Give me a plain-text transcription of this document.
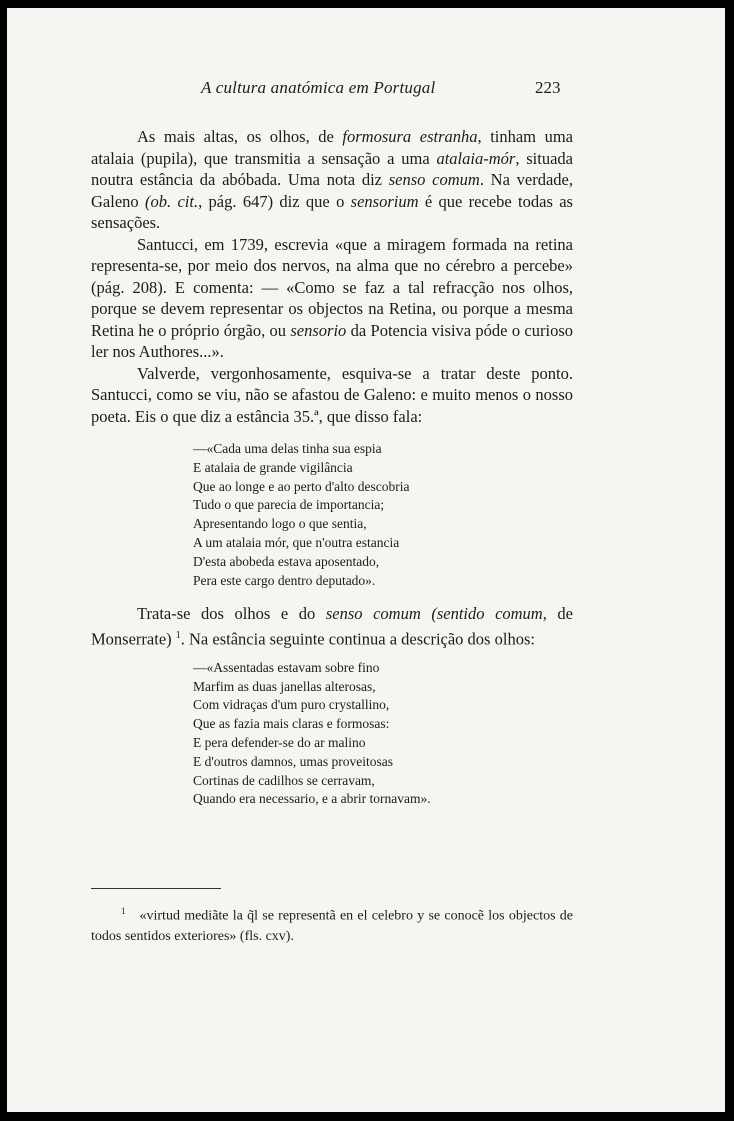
A cultura anatómica em Portugal	223

As mais altas, os olhos, de formosura estranha, tinham uma atalaia (pupila), que transmitia a sensação a uma atalaia-mór, situada noutra estância da abóbada. Uma nota diz senso comum. Na verdade, Galeno (ob. cit., pág. 647) diz que o sensorium é que recebe todas as sensações.

Santucci, em 1739, escrevia «que a miragem formada na retina representa-se, por meio dos nervos, na alma que no cérebro a percebe» (pág. 208). E comenta: — «Como se faz a tal refracção nos olhos, porque se devem representar os objectos na Retina, ou porque a mesma Retina he o próprio órgão, ou sensorio da Potencia visiva póde o curioso ler nos Authores...».

Valverde, vergonhosamente, esquiva-se a tratar deste ponto. Santucci, como se viu, não se afastou de Galeno: e muito menos o nosso poeta. Eis o que diz a estância 35.ª, que disso fala:

—«Cada uma delas tinha sua espia
E atalaia de grande vigilância
Que ao longe e ao perto d'alto descobria
Tudo o que parecia de importancia;
Apresentando logo o que sentia,
A um atalaia mór, que n'outra estancia
D'esta abobeda estava aposentado,
Pera este cargo dentro deputado».

Trata-se dos olhos e do senso comum (sentido comum, de Monserrate) $^1$. Na estância seguinte continua a descrição dos olhos:

—«Assentadas estavam sobre fino
Marfim as duas janellas alterosas,
Com vidraças d'um puro crystallino,
Que as fazia mais claras e formosas:
E pera defender-se do ar malino
E d'outros damnos, umas proveitosas
Cortinas de cadilhos se cerravam,
Quando era necessario, e a abrir tornavam».

$^1$ «virtud mediãte la q̃l se representã en el celebro y se conocẽ los objectos de todos sentidos exteriores» (fls. cxv).
